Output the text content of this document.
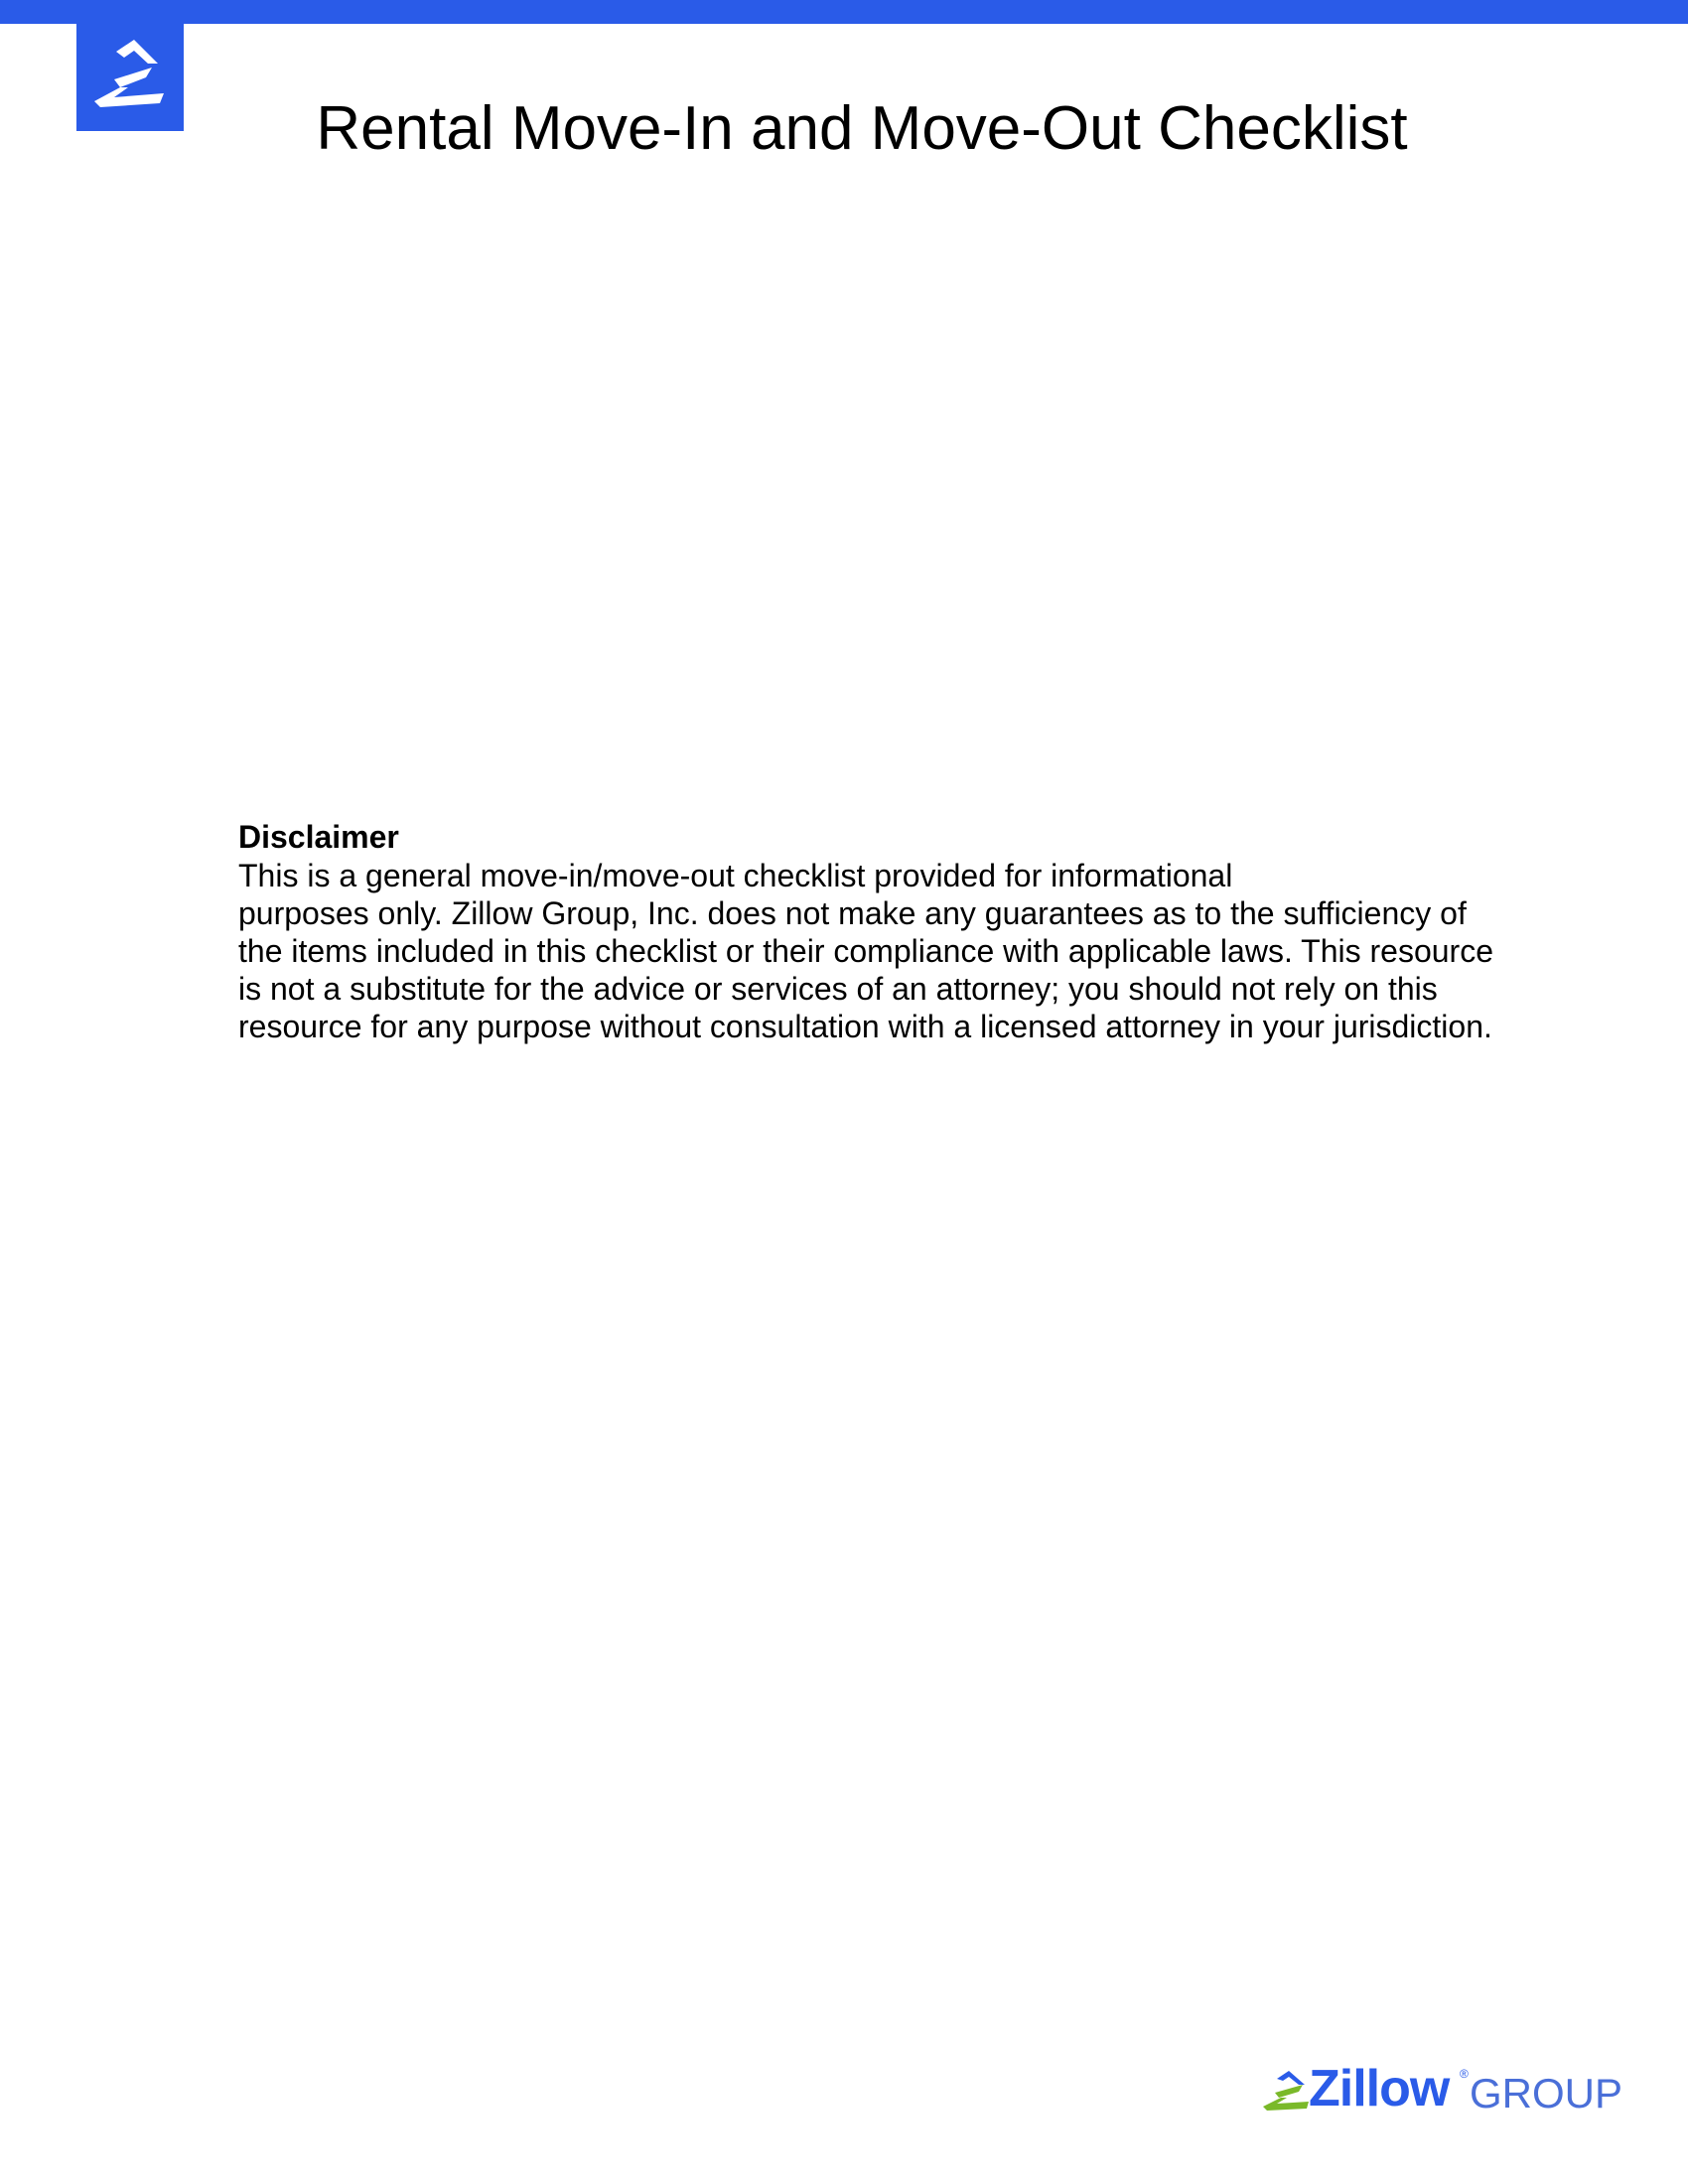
Rental Move-In and Move-Out Checklist

Disclaimer

This is a general move-in/move-out checklist provided for informational
purposes only. Zillow Group, Inc. does not make any guarantees as to the sufficiency of
the items included in this checklist or their compliance with applicable laws. This resource
is not a substitute for the advice or services of an attorney; you should not rely on this
resource for any purpose without consultation with a licensed attorney in your jurisdiction.
Zillow ® GROUP
